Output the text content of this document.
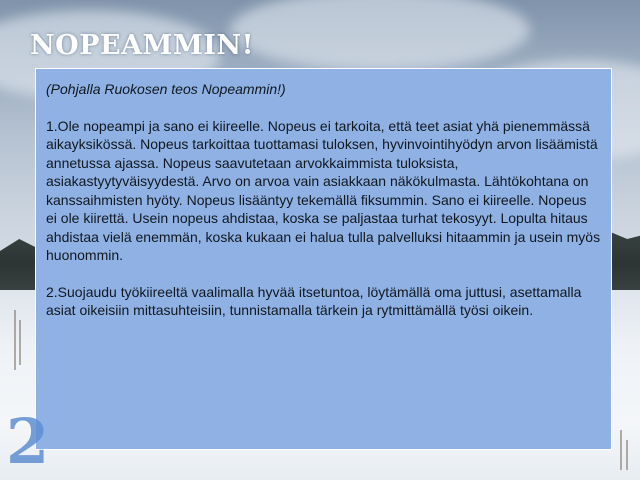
NOPEAMMIN!

(Pohjalla Ruokosen teos Nopeammin!)

1.Ole nopeampi ja sano ei kiireelle. Nopeus ei tarkoita, että teet asiat yhä pienemmässä aikayksikössä. Nopeus tarkoittaa tuottamasi tuloksen, hyvinvointihyödyn arvon lisäämistä annetussa ajassa. Nopeus saavutetaan arvokkaimmista tuloksista, asiakastyytyväisyydestä. Arvo on arvoa vain asiakkaan näkökulmasta. Lähtökohtana on kanssaihmisten hyöty. Nopeus lisääntyy tekemällä fiksummin. Sano ei kiireelle. Nopeus ei ole kiirettä. Usein nopeus ahdistaa, koska se paljastaa turhat tekosyyt. Lopulta hitaus ahdistaa vielä enemmän, koska kukaan ei halua tulla palvelluksi hitaammin ja usein myös huonommin.

2.Suojaudu työkiireeltä vaalimalla hyvää itsetuntoa, löytämällä oma juttusi, asettamalla asiat oikeisiin mittasuhteisiin, tunnistamalla tärkein ja rytmittämällä työsi oikein.

2
